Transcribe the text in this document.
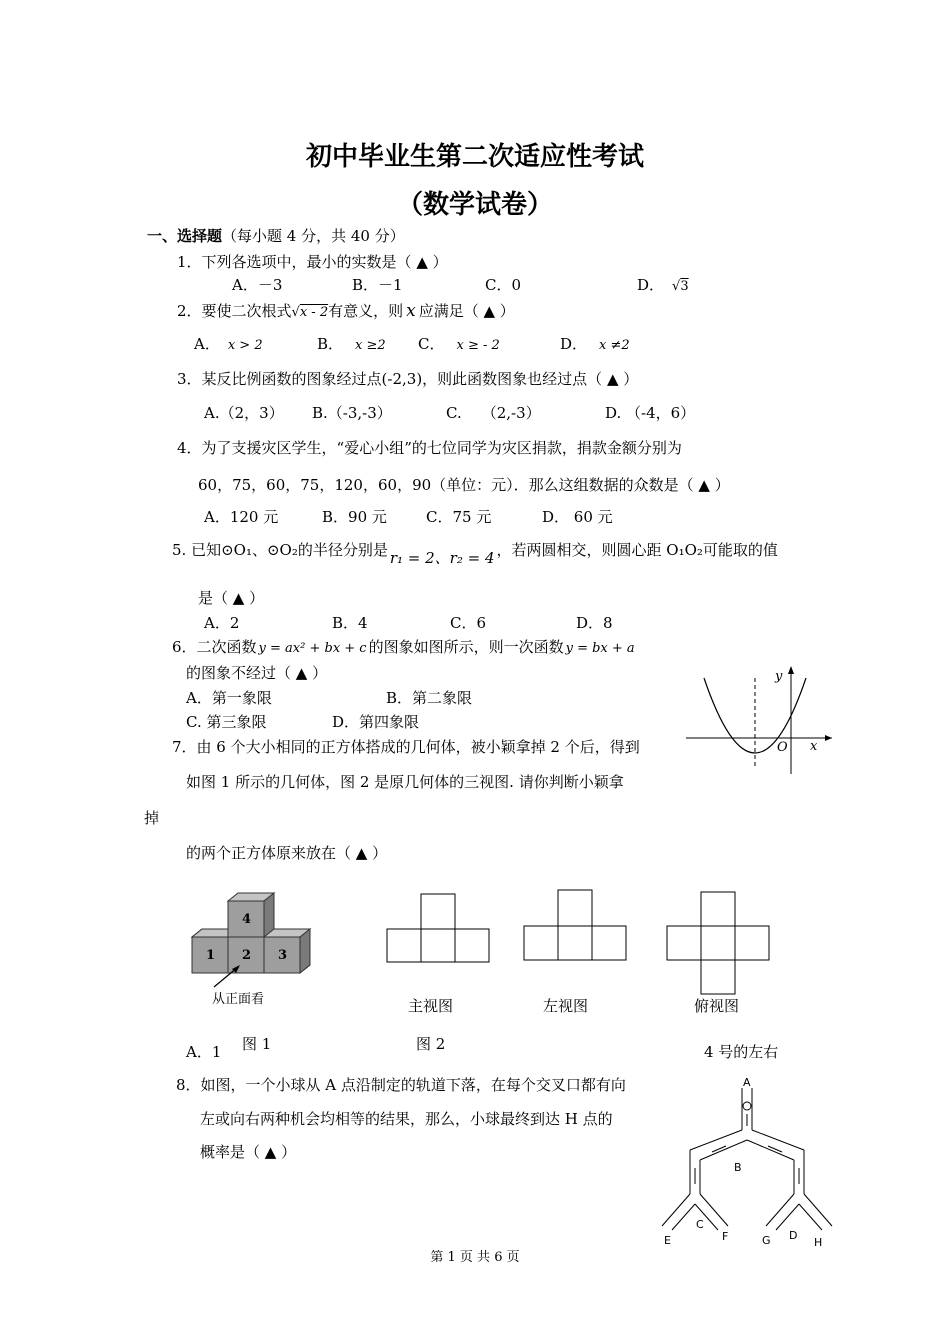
初中毕业生第二次适应性考试
（数学试卷）
一、选择题（每小题 4 分，共 40 分）
1．下列各选项中，最小的实数是（ ▲ ）
A．－3	B．－1	C．0	D． √3
2．要使二次根式√x - 2有意义，则 x 应满足（ ▲ ）
A． x > 2	B． x ≥2 C． x ≥ - 2	D． x ≠2
3．某反比例函数的图象经过点(-2,3)，则此函数图象也经过点（ ▲ ）
A.（2，3） B.（-3,-3）	C. （2,-3）	D. （-4，6）
4．为了支援灾区学生，“爱心小组”的七位同学为灾区捐款，捐款金额分别为
60，75，60，75，120，60，90（单位：元）．那么这组数据的众数是（ ▲ ）
A．120 元	B．90 元	C．75 元	D． 60 元
5. 已知⊙O₁、⊙O₂的半径分别是 r₁ = 2、r₂ = 4 ，若两圆相交，则圆心距 O₁O₂可能取的值
是（ ▲ ）
A．2	B．4	C．6	D．8
6．二次函数 y = ax² + bx + c 的图象如图所示，则一次函数 y = bx + a
的图象不经过（ ▲ ）
A．第一象限	B．第二象限
C. 第三象限	D．第四象限
y
x
O
7．由 6 个大小相同的正方体搭成的几何体，被小颖拿掉 2 个后，得到
如图 1 所示的几何体，图 2 是原几何体的三视图. 请你判断小颖拿
掉
的两个正方体原来放在（ ▲ ）
1 2 3
4
从正面看	主视图	左视图	俯视图
A．1 图 1	图 2	4 号的左右
8．如图，一个小球从 A 点沿制定的轨道下落，在每个交叉口都有向
左或向右两种机会均相等的结果，那么，小球最终到达 H 点的
概率是（ ▲ ）
A
B
C
D
E	F	G	H
第 1 页 共 6 页
